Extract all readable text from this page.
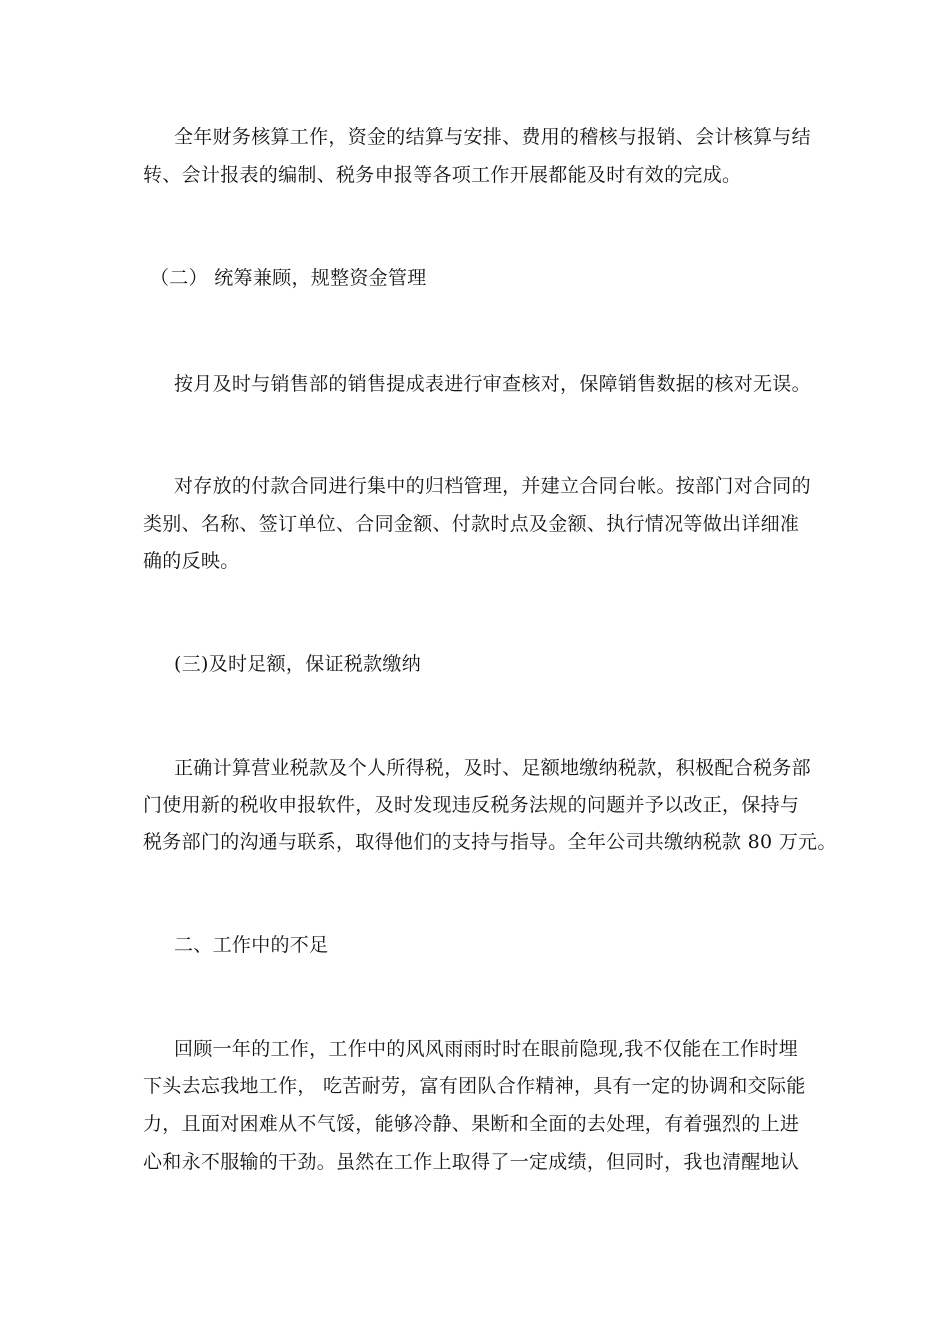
全年财务核算工作，资金的结算与安排、费用的稽核与报销、会计核算与结
转、会计报表的编制、税务申报等各项工作开展都能及时有效的完成。
（二） 统筹兼顾，规整资金管理
按月及时与销售部的销售提成表进行审查核对，保障销售数据的核对无误。
对存放的付款合同进行集中的归档管理，并建立合同台帐。按部门对合同的
类别、名称、签订单位、合同金额、付款时点及金额、执行情况等做出详细准
确的反映。
(三)及时足额，保证税款缴纳
正确计算营业税款及个人所得税，及时、足额地缴纳税款，积极配合税务部
门使用新的税收申报软件，及时发现违反税务法规的问题并予以改正，保持与
税务部门的沟通与联系，取得他们的支持与指导。全年公司共缴纳税款 80 万元。
二、工作中的不足
回顾一年的工作，工作中的风风雨雨时时在眼前隐现,我不仅能在工作时埋
下头去忘我地工作， 吃苦耐劳，富有团队合作精神，具有一定的协调和交际能
力，且面对困难从不气馁，能够冷静、果断和全面的去处理，有着强烈的上进
心和永不服输的干劲。虽然在工作上取得了一定成绩，但同时，我也清醒地认
